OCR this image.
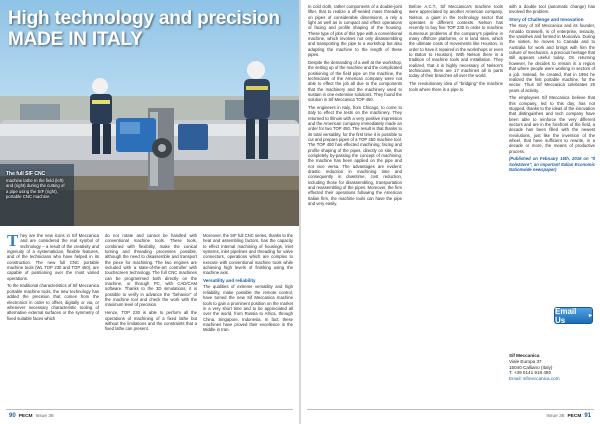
High technology and precision
MADE IN ITALY
The full SIF CNC
machine lathe In the field (left) and (right) during the cutting of a pipe using the SIF (right), portable CNC machine

They are the new icons in Sif Meccanica and are considered the real symbol of technology – a result of the creativity and ingenuity of a systematician, flexible features, and of the technicians who have helped in its construction. The new full CNC portable machine tools (WL TOP 230 and TOP 450), are capable of positioning over the most varied operations.

To the traditional characteristics of Sif Meccanica portable machine tools, the new technology has added the precision that comes from the electronics in order to offset, digitally or via, or whenever necessary characteristic tooling of alternative external surfaces or the symmetry of fixed suitable faces which

do not rotate and cannot be handled with conventional machine tools. These tools, combined with flexibility, make the conical turning and threading processes possible, although the need to disassemble and transport the piece for machining. The two engines are included with a state-of-the-art controller with touchscreen technology. The full CNC machines can be programmed both directly on the machine, or through PC, with CAD/CAM software. Thanks to the 3D simulations, it is possible to verify in advance the "behavior" of the machine tool and check the work with the maximum level of precision.

Hence, TOP 230 is able to perform all the operations of machining of a fixed lathe but without the limitations and the constraints that a fixed lathe can present.

Moreover, the SIF full CNC series, thanks to the heat and assembling factors, has the capacity to effect internal machining of housings, inlet systems, inlet pipelines and threading for valve connectors, operations which are complex to execute with conventional machine tools while achieving high levels of finishing using the machine axis.

Versatility and reliability

The qualities of extreme versatility and high reliability, make possible the remote control, have turned the new Sif Meccanica machine tools to gain a prominent position on the market in a very short time and to be appreciated all over the world, from Russia to Africa, through China, Singapore, Indonesia. In fact, these machines have proved their excellence in the Middle in Iran.

90 PECM Issue 36

In cold cloth, rather components of a double-joint lifter, that to realize a off-sealed mass threading on pipes of considerable dimensions, a rely a light as well as in compact and effect operations of facing and profile shaping of the housing. These type of jobs of this type with a conventional machine, which involves not only disassembling and transporting the pipe to a workshop but also adapting the machine to the length of these pipes.

Despite the demanding of a well at the workshop, the setting up of the machine and the complicated positioning of the field pipe on the machine, the technicians of the American company were not able to effect the job all due to the components that the machinery and the machinery used to sustain in one extensive solutions. They found the solution in Sif Meccanica TOP 450.

The engineers in Italy, from Chicago, to come to Italy to effect the tests on the machinery. They returned to Illinois with a very positive impression and the American company immediately made an order for two TOP 450. The result is that thanks to its total versatility, for the first time it is possible to cut and prepare pipes of a TOP 450 machine tool. The TOP 450 has effected machining, facing and profile shaping of the pipes, directly on site, thus completely by-passing the concept of machining: the machine has been applied on the pipe and not vice versa. The advantages are evident: drastic reduction in machining time and consequently in downtime, cost reduction, including those for disassembling, transportation and reassembling of the pipes. Moreover, the firm effected their operations following the American Italian firm, the machine tools can have the pipe and very easily.

Before A.C.T., Sif Meccanica's machine tools were appreciated by another American company, Nelson, a giant in the technology sector that operates in different contexts. Nelson has recently to buy five TOP 230 in order to machine numerous problems of the company's pipeline in many offshore platforms, or in land sites, which the ultimate costs of movements like Houston, in order to have it repaired in the workshops or even to Baton to Houston). With Nelson there is a tradition of machine tools and installation. They realized, that it is highly necessary of Nelson's technicians, there are 17 machines all in parts today of their branches all over the world.

The revolutionary idea of "bridging" the machine tools where there is a pipe to

with a double tool (automatic change) has involved the problem.

Story of Challenge and Innovation

The story of Sif Meccanica and its founder, Arnaldo Grasselli, is of enterprise, tenacity, the vanishes and formed in Moncalvo. During the sixties, he moves to Canada and to Australia for work and brings with him the culture of mechanics, a precious heritage that still appears useful today. On returning however, he decides to remain in a region that where people were working in sectors of a job. Instead, he created, that in 1994 he realized the first portable machine, for the sector. Thus Sif Meccanica celebrates 25 years of activity.

The employees Sif Meccanica believe that this company, led to this day, has not stopped, thanks to the ideas of the innovation that distinguishes and tech company have been able to reinforce the very different sectors and are in the forefront of the field, a decade has been filled with the newest revolutions, just like the invention of the wheel, that have sufficient to rewrite, in a decade or more, the means of productive process.

(Published on February 16th, 2016 on "Il Sole24ore", an important Italian Economic Nationwide newspaper)

Email Us	▸
Sif Meccanica
Viale Europa 37
15040 Calliano (Italy)
T. +39 0141 918 480
Email: sifmeccanica.com
Issue 36 PECM 91
